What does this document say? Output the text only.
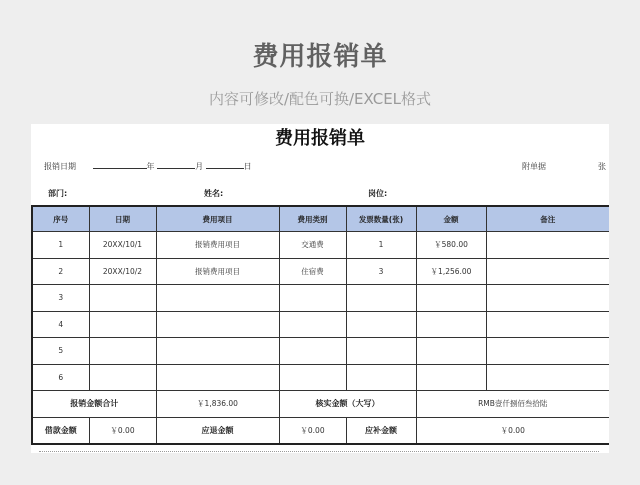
费用报销单
内容可修改/配色可换/EXCEL格式
费用报销单
报销日期	年	月	日	附单据	张
部门:	姓名:	岗位:
序号	日期	费用项目	费用类别	发票数量(张)	金额	备注
1	20XX/10/1	报销费用项目	交通费	1	￥580.00	
2	20XX/10/2	报销费用项目	住宿费	3	￥1,256.00	
3						
4						
5						
6						
报销金额合计		￥1,836.00	核实金额（大写）		RMB壹仟捌佰叁拾陆	
借款金额	￥0.00	应退金额	￥0.00	应补金额	￥0.00	
